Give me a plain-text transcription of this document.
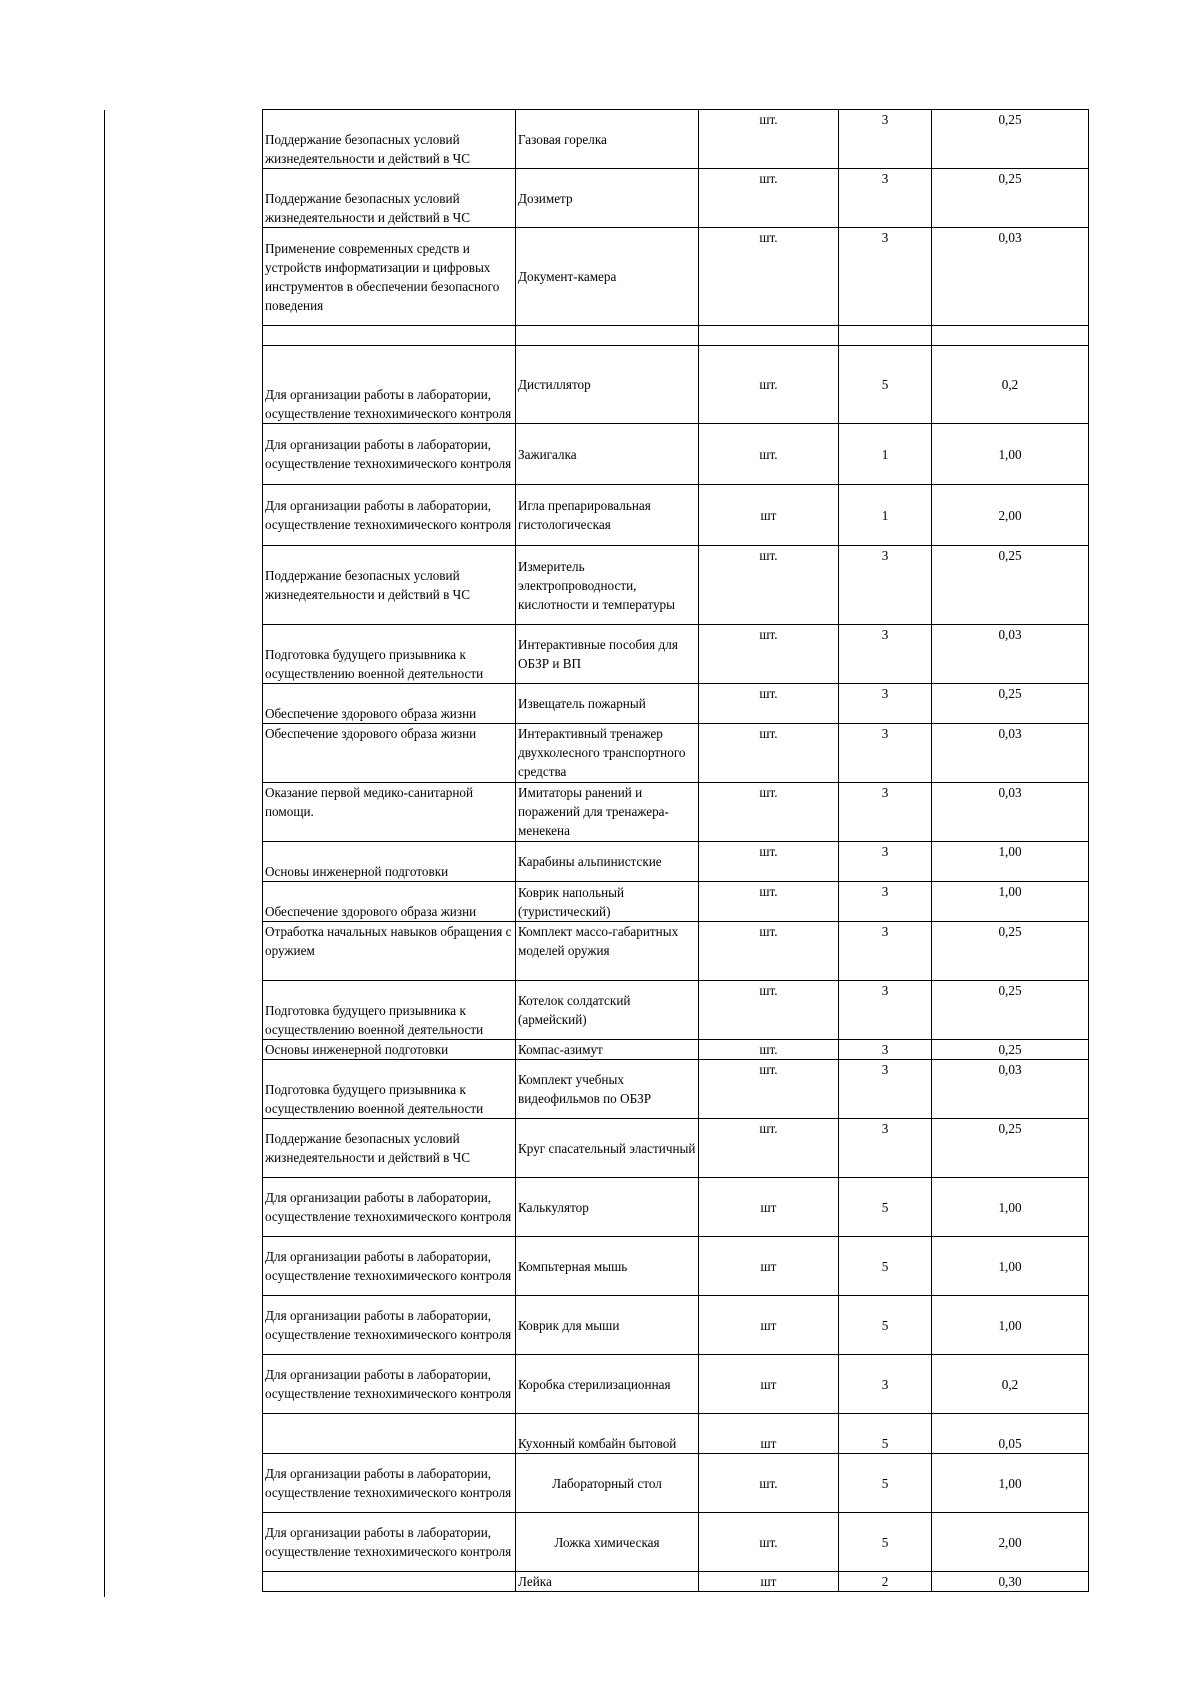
Поддержание безопасных условий жизнедеятельности и действий в ЧС	Газовая горелка	шт.	3	0,25
Поддержание безопасных условий жизнедеятельности и действий в ЧС	Дозиметр	шт.	3	0,25
Применение современных средств и устройств информатизации и цифровых инструментов в обеспечении безопасного поведения	Документ-камера	шт.	3	0,03

Для организации работы в лаборатории, осуществление технохимического контроля	Дистиллятор	шт.	5	0,2
Для организации работы в лаборатории, осуществление технохимического контроля	Зажигалка	шт.	1	1,00
Для организации работы в лаборатории, осуществление технохимического контроля	Игла препарировальная гистологическая	шт	1	2,00
Поддержание безопасных условий жизнедеятельности и действий в ЧС	Измеритель электропроводности, кислотности и температуры	шт.	3	0,25
Подготовка будущего призывника к осуществлению военной деятельности	Интерактивные пособия для ОБЗР и ВП	шт.	3	0,03
Обеспечение здорового образа жизни	Извещатель пожарный	шт.	3	0,25
Обеспечение здорового образа жизни	Интерактивный тренажер двухколесного транспортного средства	шт.	3	0,03
Оказание первой медико-санитарной помощи.	Имитаторы ранений и поражений для тренажера-менекена	шт.	3	0,03
Основы инженерной подготовки	Карабины альпинистские	шт.	3	1,00
Обеспечение здорового образа жизни	Коврик напольный (туристический)	шт.	3	1,00
Отработка начальных навыков обращения с оружием	Комплект массо-габаритных моделей оружия	шт.	3	0,25
Подготовка будущего призывника к осуществлению военной деятельности	Котелок солдатский (армейский)	шт.	3	0,25
Основы инженерной подготовки	Компас-азимут	шт.	3	0,25
Подготовка будущего призывника к осуществлению военной деятельности	Комплект учебных видеофильмов по ОБЗР	шт.	3	0,03
Поддержание безопасных условий жизнедеятельности и действий в ЧС	Круг спасательный эластичный	шт.	3	0,25
Для организации работы в лаборатории, осуществление технохимического контроля	Калькулятор	шт	5	1,00
Для организации работы в лаборатории, осуществление технохимического контроля	Компьтерная мышь	шт	5	1,00
Для организации работы в лаборатории, осуществление технохимического контроля	Коврик для мыши	шт	5	1,00
Для организации работы в лаборатории, осуществление технохимического контроля	Коробка стерилизационная	шт	3	0,2
	Кухонный комбайн бытовой	шт	5	0,05
Для организации работы в лаборатории, осуществление технохимического контроля	Лабораторный стол	шт.	5	1,00
Для организации работы в лаборатории, осуществление технохимического контроля	Ложка химическая	шт.	5	2,00
	Лейка	шт	2	0,30
